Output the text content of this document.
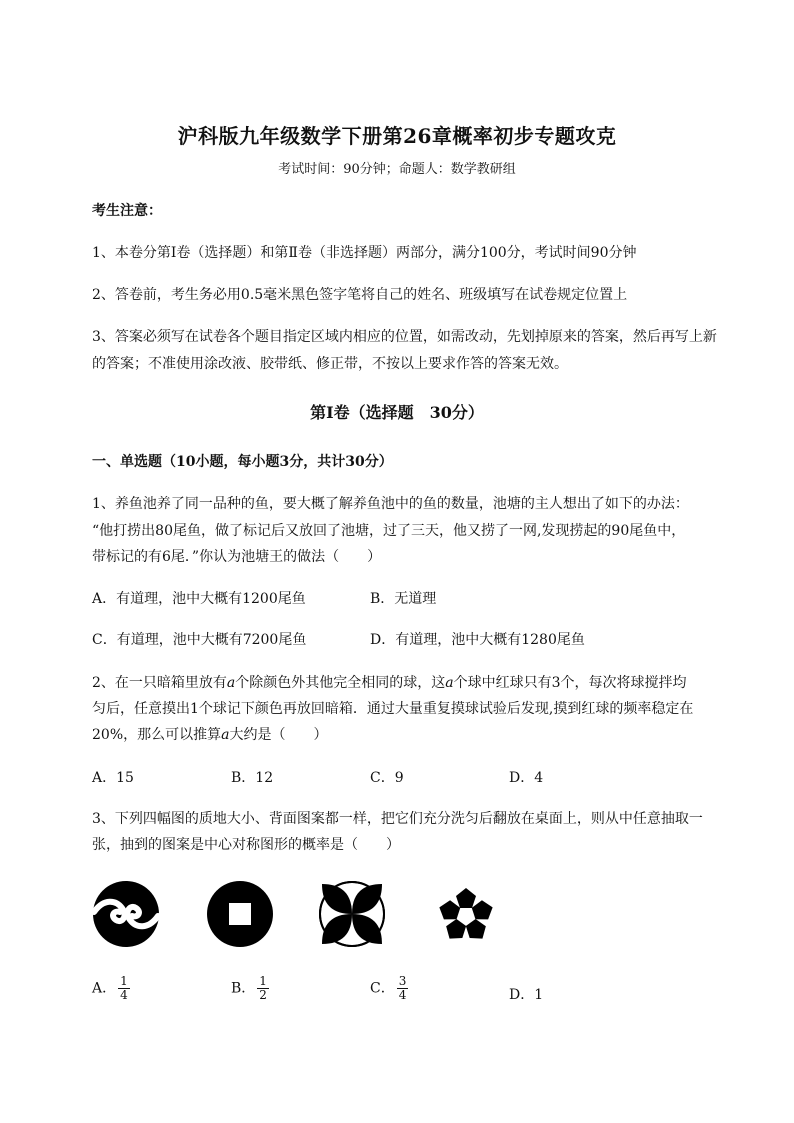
沪科版九年级数学下册第26章概率初步专题攻克
考试时间：90分钟；命题人：数学教研组
考生注意：
1、本卷分第I卷（选择题）和第Ⅱ卷（非选择题）两部分，满分100分，考试时间90分钟
2、答卷前，考生务必用0.5毫米黑色签字笔将自己的姓名、班级填写在试卷规定位置上
3、答案必须写在试卷各个题目指定区域内相应的位置，如需改动，先划掉原来的答案，然后再写上新
的答案；不准使用涂改液、胶带纸、修正带，不按以上要求作答的答案无效。
第I卷（选择题　30分）
一、单选题（10小题，每小题3分，共计30分）
1、养鱼池养了同一品种的鱼，要大概了解养鱼池中的鱼的数量，池塘的主人想出了如下的办法：
“他打捞出80尾鱼，做了标记后又放回了池塘，过了三天，他又捞了一网,发现捞起的90尾鱼中，
带标记的有6尾．”你认为池塘王的做法（　　）
A．有道理，池中大概有1200尾鱼	B．无道理
C．有道理，池中大概有7200尾鱼	D．有道理，池中大概有1280尾鱼
2、在一只暗箱里放有a个除颜色外其他完全相同的球，这a个球中红球只有3个，每次将球搅拌均
匀后，任意摸出1个球记下颜色再放回暗箱．通过大量重复摸球试验后发现,摸到红球的频率稳定在
20%，那么可以推算a大约是（　　）
A．15	B．12	C．9	D．4
3、下列四幅图的质地大小、背面图案都一样，把它们充分洗匀后翻放在桌面上，则从中任意抽取一
张，抽到的图案是中心对称图形的概率是（　　）
A． $\frac{1}{4}$	B． $\frac{1}{2}$	C． $\frac{3}{4}$	D．1
